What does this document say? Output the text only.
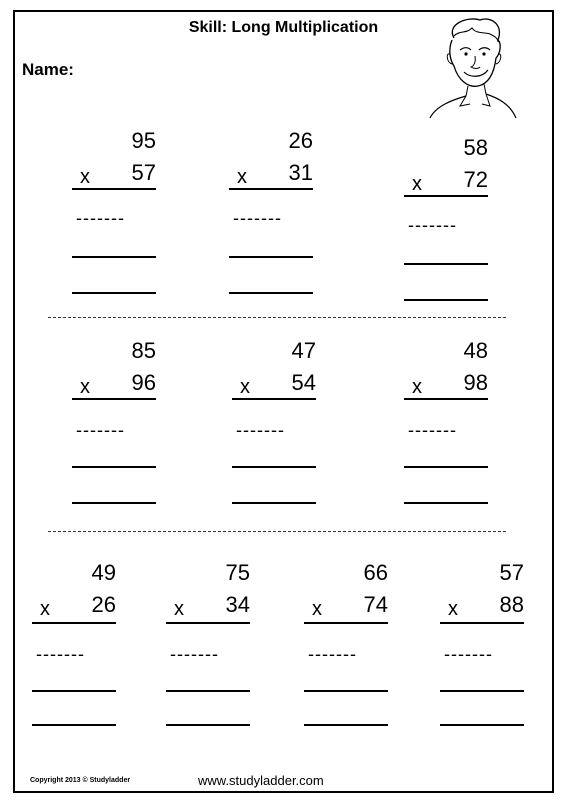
Skill: Long Multiplication
Name:
95
x 57
-------
26
x 31
-------
58
x 72
-------
85
x 96
-------
47
x 54
-------
48
x 98
-------
49
x 26
-------
75
x 34
-------
66
x 74
-------
57
x 88
-------
Copyright 2013 © Studyladder	www.studyladder.com
